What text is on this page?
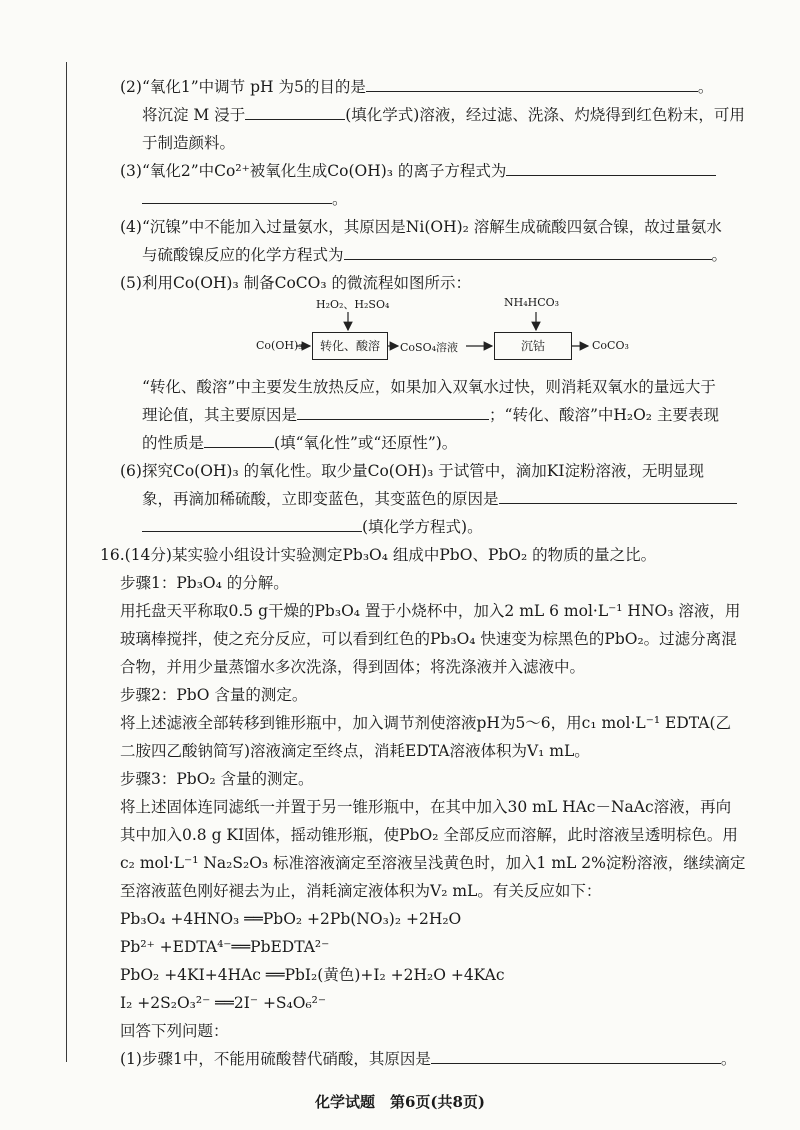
(2)“氧化1”中调节 pH 为5的目的是	。
将沉淀 M 浸于	(填化学式)溶液，经过滤、洗涤、灼烧得到红色粉末，可用
于制造颜料。
(3)“氧化2”中Co²⁺被氧化生成Co(OH)₃ 的离子方程式为
。
(4)“沉镍”中不能加入过量氨水，其原因是Ni(OH)₂ 溶解生成硫酸四氨合镍，故过量氨水
与硫酸镍反应的化学方程式为	。
(5)利用Co(OH)₃ 制备CoCO₃ 的微流程如图所示：
H₂O₂、H₂SO₄	NH₄HCO₃
Co(OH)₃	转化、酸溶	CoSO₄溶液	沉钴	CoCO₃
“转化、酸溶”中主要发生放热反应，如果加入双氧水过快，则消耗双氧水的量远大于
理论值，其主要原因是	；“转化、酸溶”中H₂O₂ 主要表现
的性质是	(填“氧化性”或“还原性”)。
(6)探究Co(OH)₃ 的氧化性。取少量Co(OH)₃ 于试管中，滴加KI淀粉溶液，无明显现
象，再滴加稀硫酸，立即变蓝色，其变蓝色的原因是
(填化学方程式)。
16.(14分)某实验小组设计实验测定Pb₃O₄ 组成中PbO、PbO₂ 的物质的量之比。
步骤1：Pb₃O₄ 的分解。
用托盘天平称取0.5 g干燥的Pb₃O₄ 置于小烧杯中，加入2 mL 6 mol·L⁻¹ HNO₃ 溶液，用
玻璃棒搅拌，使之充分反应，可以看到红色的Pb₃O₄ 快速变为棕黑色的PbO₂。过滤分离混
合物，并用少量蒸馏水多次洗涤，得到固体；将洗涤液并入滤液中。
步骤2：PbO 含量的测定。
将上述滤液全部转移到锥形瓶中，加入调节剂使溶液pH为5～6，用c₁ mol·L⁻¹ EDTA(乙
二胺四乙酸钠简写)溶液滴定至终点，消耗EDTA溶液体积为V₁ mL。
步骤3：PbO₂ 含量的测定。
将上述固体连同滤纸一并置于另一锥形瓶中，在其中加入30 mL HAc－NaAc溶液，再向
其中加入0.8 g KI固体，摇动锥形瓶，使PbO₂ 全部反应而溶解，此时溶液呈透明棕色。用
c₂ mol·L⁻¹ Na₂S₂O₃ 标准溶液滴定至溶液呈浅黄色时，加入1 mL 2%淀粉溶液，继续滴定
至溶液蓝色刚好褪去为止，消耗滴定液体积为V₂ mL。有关反应如下：
Pb₃O₄ +4HNO₃ ══PbO₂ +2Pb(NO₃)₂ +2H₂O
Pb²⁺ +EDTA⁴⁻══PbEDTA²⁻
PbO₂ +4KI+4HAc ══PbI₂(黄色)+I₂ +2H₂O +4KAc
I₂ +2S₂O₃²⁻ ══2I⁻ +S₄O₆²⁻
回答下列问题：
(1)步骤1中，不能用硫酸替代硝酸，其原因是	。
化学试题　第6页(共8页)
